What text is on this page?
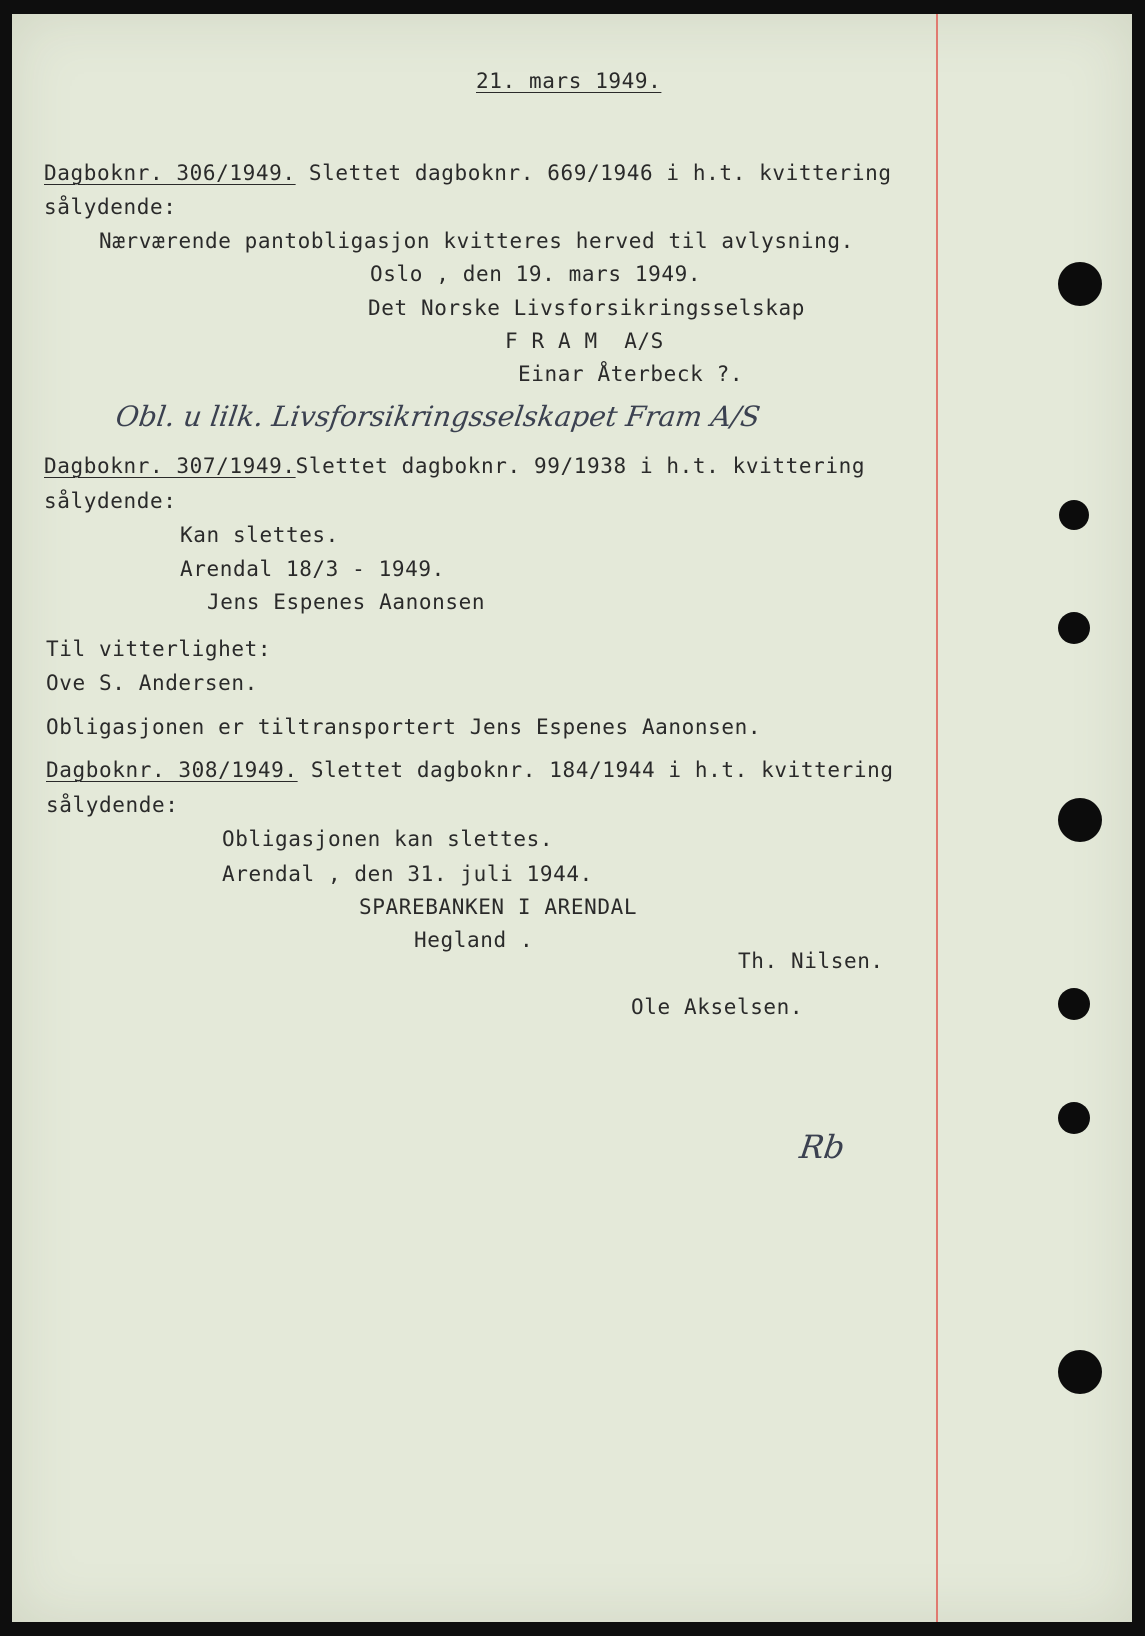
21. mars 1949.
Dagboknr. 306/1949. Slettet dagboknr. 669/1946 i h.t. kvittering
sålydende:
Nærværende pantobligasjon kvitteres herved til avlysning.
Oslo , den 19. mars 1949.
Det Norske Livsforsikringsselskap
F R A M  A/S
Einar Återbeck ?.
Obl. u lilk. Livsforsikringsselskapet Fram A/S
Dagboknr. 307/1949.Slettet dagboknr. 99/1938 i h.t. kvittering
sålydende:
Kan slettes.
Arendal 18/3 - 1949.
Jens Espenes Aanonsen
Til vitterlighet:
Ove S. Andersen.
Obligasjonen er tiltransportert Jens Espenes Aanonsen.
Dagboknr. 308/1949. Slettet dagboknr. 184/1944 i h.t. kvittering
sålydende:
Obligasjonen kan slettes.
Arendal , den 31. juli 1944.
SPAREBANKEN I ARENDAL
Hegland .
Th. Nilsen.
Ole Akselsen.
Rb
